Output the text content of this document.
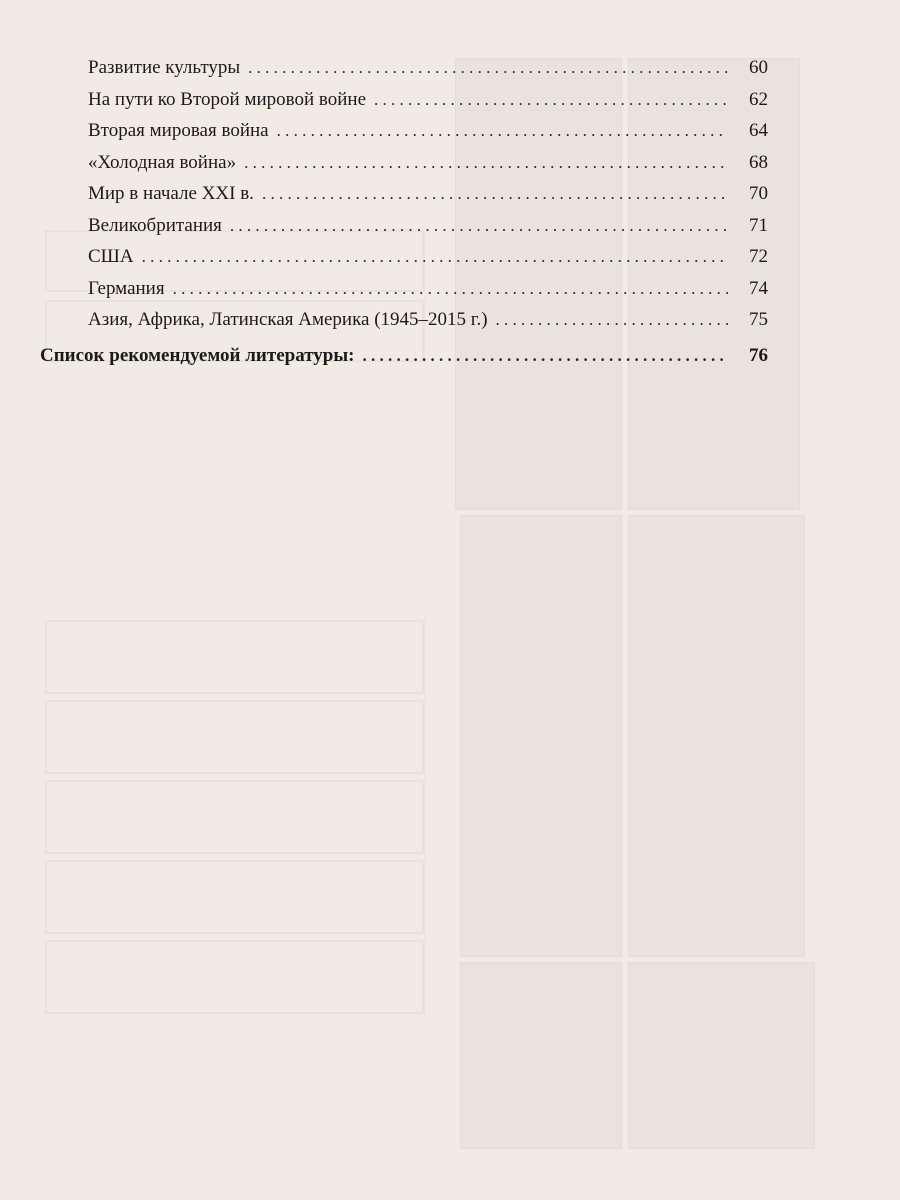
Развитие культуры . . .	60
На пути ко Второй мировой войне . . .	62
Вторая мировая война . . .	64
«Холодная война» . . .	68
Мир в начале XXI в. . . .	70
Великобритания . . .	71
США . . .	72
Германия . . .	74
Азия, Африка, Латинская Америка (1945–2015 г.) . . .	75
Список рекомендуемой литературы: . . .	76
